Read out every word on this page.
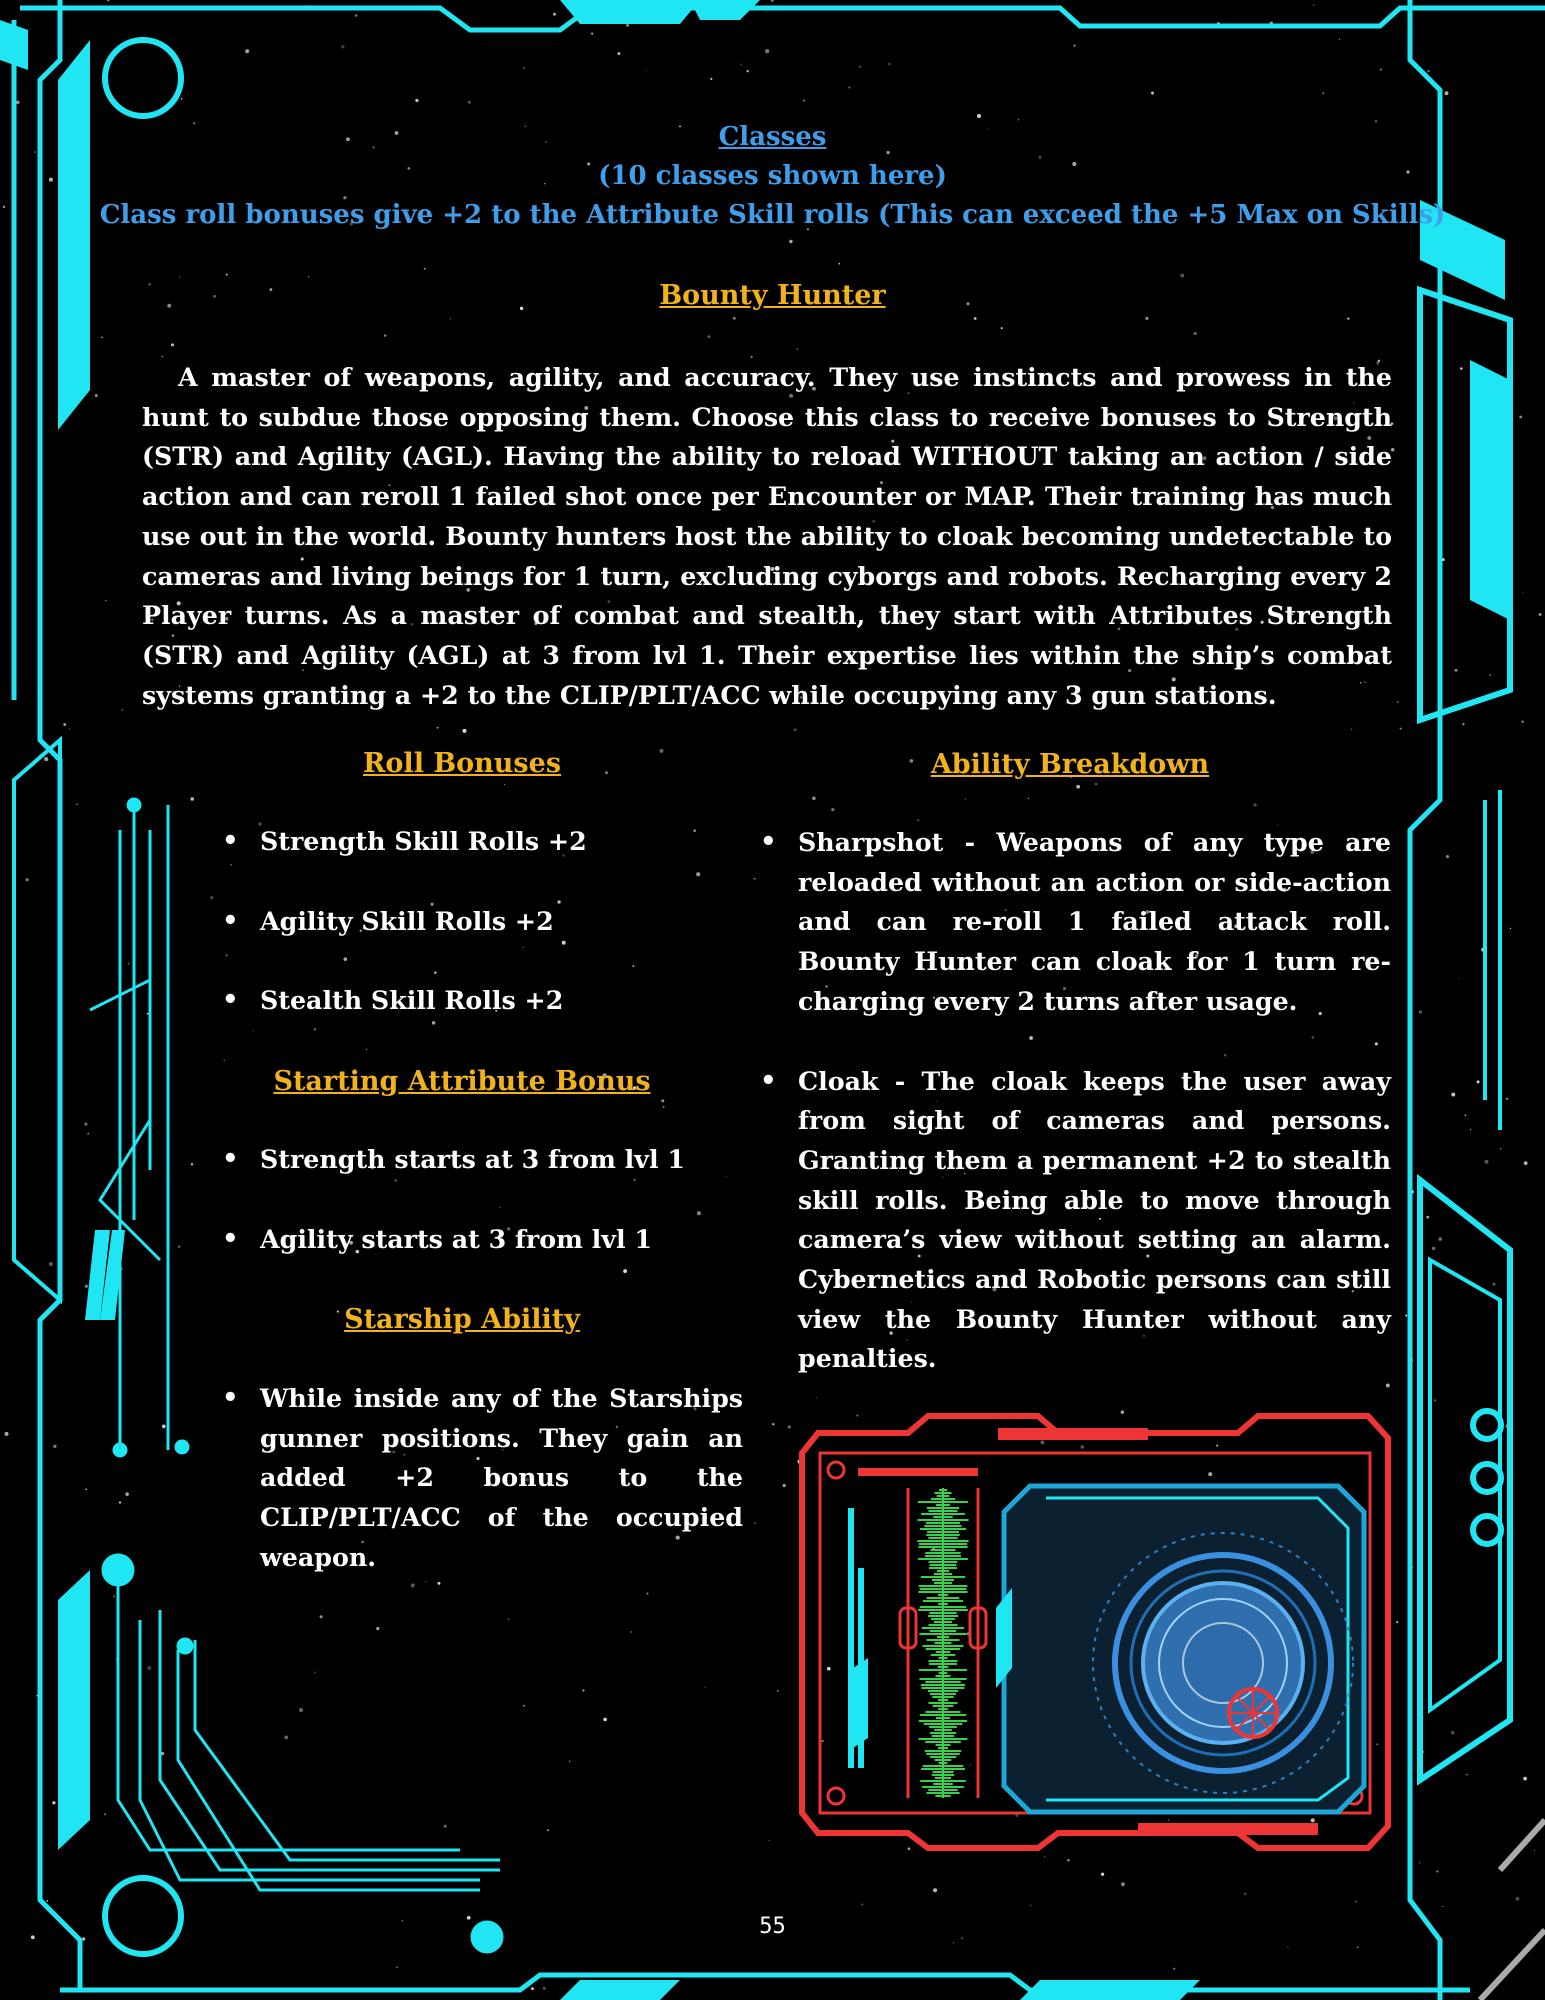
Classes
(10 classes shown here)
Class roll bonuses give +2 to the Attribute Skill rolls (This can exceed the +5 Max on Skills)
Bounty Hunter

A master of weapons, agility, and accuracy. They use instincts and prowess in the hunt to subdue those opposing them. Choose this class to receive bonuses to Strength (STR) and Agility (AGL). Having the ability to reload WITHOUT taking an action / side action and can reroll 1 failed shot once per Encounter or MAP. Their training has much use out in the world. Bounty hunters host the ability to cloak becoming undetectable to cameras and living beings for 1 turn, excluding cyborgs and robots. Recharging every 2 Player turns. As a master of combat and stealth, they start with Attributes Strength (STR) and Agility (AGL) at 3 from lvl 1. Their expertise lies within the ship’s combat systems granting a +2 to the CLIP/PLT/ACC while occupying any 3 gun stations.

Roll Bonuses
• Strength Skill Rolls +2
• Agility Skill Rolls +2
• Stealth Skill Rolls +2
Starting Attribute Bonus
• Strength starts at 3 from lvl 1
• Agility starts at 3 from lvl 1
Starship Ability
• While inside any of the Starships gunner positions. They gain an added +2 bonus to the CLIP/PLT/ACC of the occupied weapon.
Ability Breakdown
• Sharpshot - Weapons of any type are reloaded without an action or side-action and can re-roll 1 failed attack roll. Bounty Hunter can cloak for 1 turn re-charging every 2 turns after usage.
• Cloak - The cloak keeps the user away from sight of cameras and persons. Granting them a permanent +2 to stealth skill rolls. Being able to move through camera’s view without setting an alarm. Cybernetics and Robotic persons can still view the Bounty Hunter without any penalties.
55
